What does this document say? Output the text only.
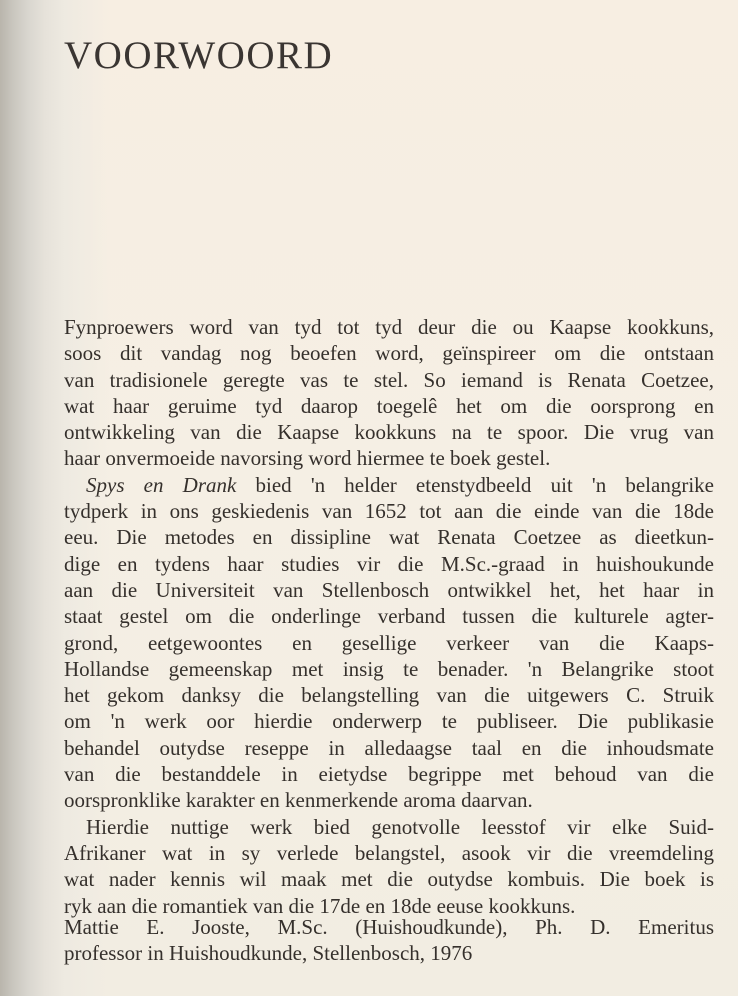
VOORWOORD
Fynproewers word van tyd tot tyd deur die ou Kaapse kookkuns,
soos dit vandag nog beoefen word, geïnspireer om die ontstaan
van tradisionele geregte vas te stel. So iemand is Renata Coetzee,
wat haar geruime tyd daarop toegelê het om die oorsprong en
ontwikkeling van die Kaapse kookkuns na te spoor. Die vrug van
haar onvermoeide navorsing word hiermee te boek gestel.
Spys en Drank bied 'n helder etenstydbeeld uit 'n belangrike
tydperk in ons geskiedenis van 1652 tot aan die einde van die 18de
eeu. Die metodes en dissipline wat Renata Coetzee as dieetkun-
dige en tydens haar studies vir die M.Sc.-graad in huishoukunde
aan die Universiteit van Stellenbosch ontwikkel het, het haar in
staat gestel om die onderlinge verband tussen die kulturele agter-
grond, eetgewoontes en gesellige verkeer van die Kaaps-
Hollandse gemeenskap met insig te benader. 'n Belangrike stoot
het gekom danksy die belangstelling van die uitgewers C. Struik
om 'n werk oor hierdie onderwerp te publiseer. Die publikasie
behandel outydse reseppe in alledaagse taal en die inhoudsmate
van die bestanddele in eietydse begrippe met behoud van die
oorspronklike karakter en kenmerkende aroma daarvan.
Hierdie nuttige werk bied genotvolle leesstof vir elke Suid-
Afrikaner wat in sy verlede belangstel, asook vir die vreemdeling
wat nader kennis wil maak met die outydse kombuis. Die boek is
ryk aan die romantiek van die 17de en 18de eeuse kookkuns.
Mattie E. Jooste, M.Sc. (Huishoudkunde), Ph. D. Emeritus
professor in Huishoudkunde, Stellenbosch, 1976
